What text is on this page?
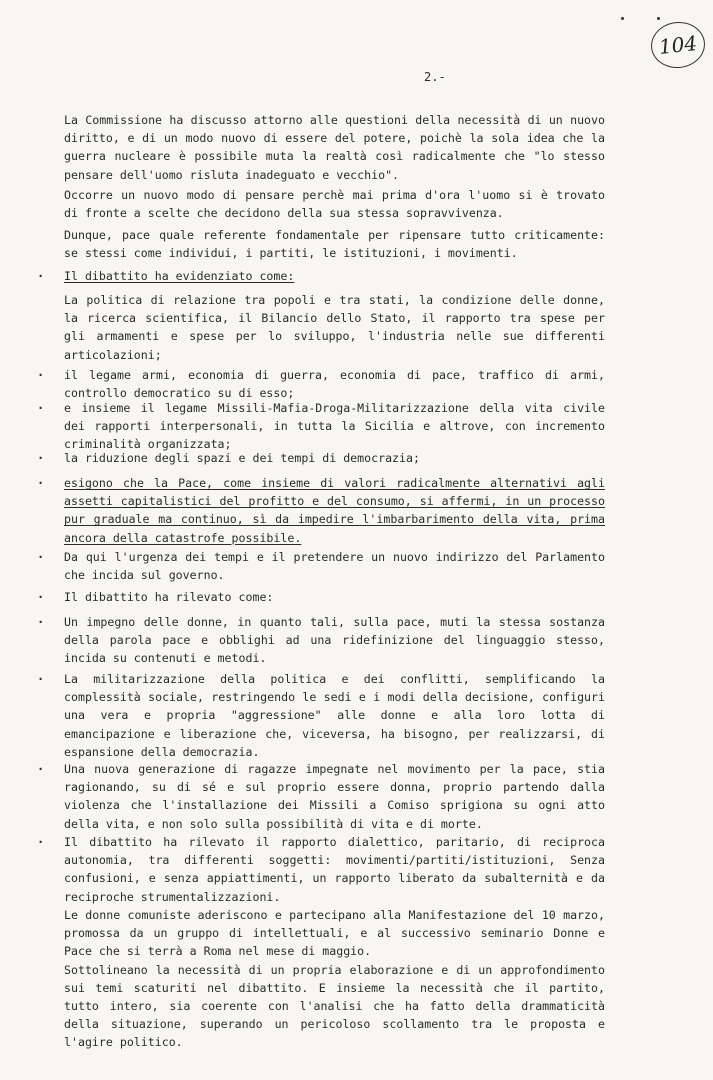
104
2.-
La Commissione ha discusso attorno alle questioni della necessità di un nuovo diritto, e di un modo nuovo di essere del potere, poichè la sola idea che la guerra nucleare è possibile muta la realtà così radicalmente che "lo stesso pensare dell'uomo risluta inadeguato e vecchio".
Occorre un nuovo modo di pensare perchè mai prima d'ora l'uomo si è trovato di fronte a scelte che decidono della sua stessa sopravvivenza.
Dunque, pace quale referente fondamentale per ripensare tutto criticamente: se stessi come individui, i partiti, le istituzioni, i movimenti.
. Il dibattito ha evidenziato come:
La politica di relazione tra popoli e tra stati, la condizione delle donne, la ricerca scientifica, il Bilancio dello Stato, il rapporto tra spese per gli armamenti e spese per lo sviluppo, l'industria nelle sue differenti articolazioni;
. il legame armi, economia di guerra, economia di pace, traffico di armi, controllo democratico su di esso;
. e insieme il legame Missili-Mafia-Droga-Militarizzazione della vita civile dei rapporti interpersonali, in tutta la Sicilia e altrove, con incremento criminalità organizzata;
. la riduzione degli spazi e dei tempi di democrazia;
. esigono che la Pace, come insieme di valori radicalmente alternativi agli assetti capitalistici del profitto e del consumo, si affermi, in un processo pur graduale ma continuo, sì da impedire l'imbarbarimento della vita, prima ancora della catastrofe possibile.
. Da qui l'urgenza dei tempi e il pretendere un nuovo indirizzo del Parlamento che incida sul governo.
. Il dibattito ha rilevato come:
. Un impegno delle donne, in quanto tali, sulla pace, muti la stessa sostanza della parola pace e obblighi ad una ridefinizione del linguaggio stesso, incida su contenuti e metodi.
. La militarizzazione della politica e dei conflitti, semplificando la complessità sociale, restringendo le sedi e i modi della decisione, configuri una vera e propria "aggressione" alle donne e alla loro lotta di emancipazione e liberazione che, viceversa, ha bisogno, per realizzarsi, di espansione della democrazia.
. Una nuova generazione di ragazze impegnate nel movimento per la pace, stia ragionando, su di sé e sul proprio essere donna, proprio partendo dalla violenza che l'installazione dei Missili a Comiso sprigiona su ogni atto della vita, e non solo sulla possibilità di vita e di morte.
. Il dibattito ha rilevato il rapporto dialettico, paritario, di reciproca autonomia, tra differenti soggetti: movimenti/partiti/istituzioni, Senza confusioni, e senza appiattimenti, un rapporto liberato da subalternità e da reciproche strumentalizzazioni.
Le donne comuniste aderiscono e partecipano alla Manifestazione del 10 marzo, promossa da un gruppo di intellettuali, e al successivo seminario Donne e Pace che si terrà a Roma nel mese di maggio.
Sottolineano la necessità di un propria elaborazione e di un approfondimento sui temi scaturiti nel dibattito. E insieme la necessità che il partito, tutto intero, sia coerente con l'analisi che ha fatto della drammaticità della situazione, superando un pericoloso scollamento tra le proposta e l'agire politico.
